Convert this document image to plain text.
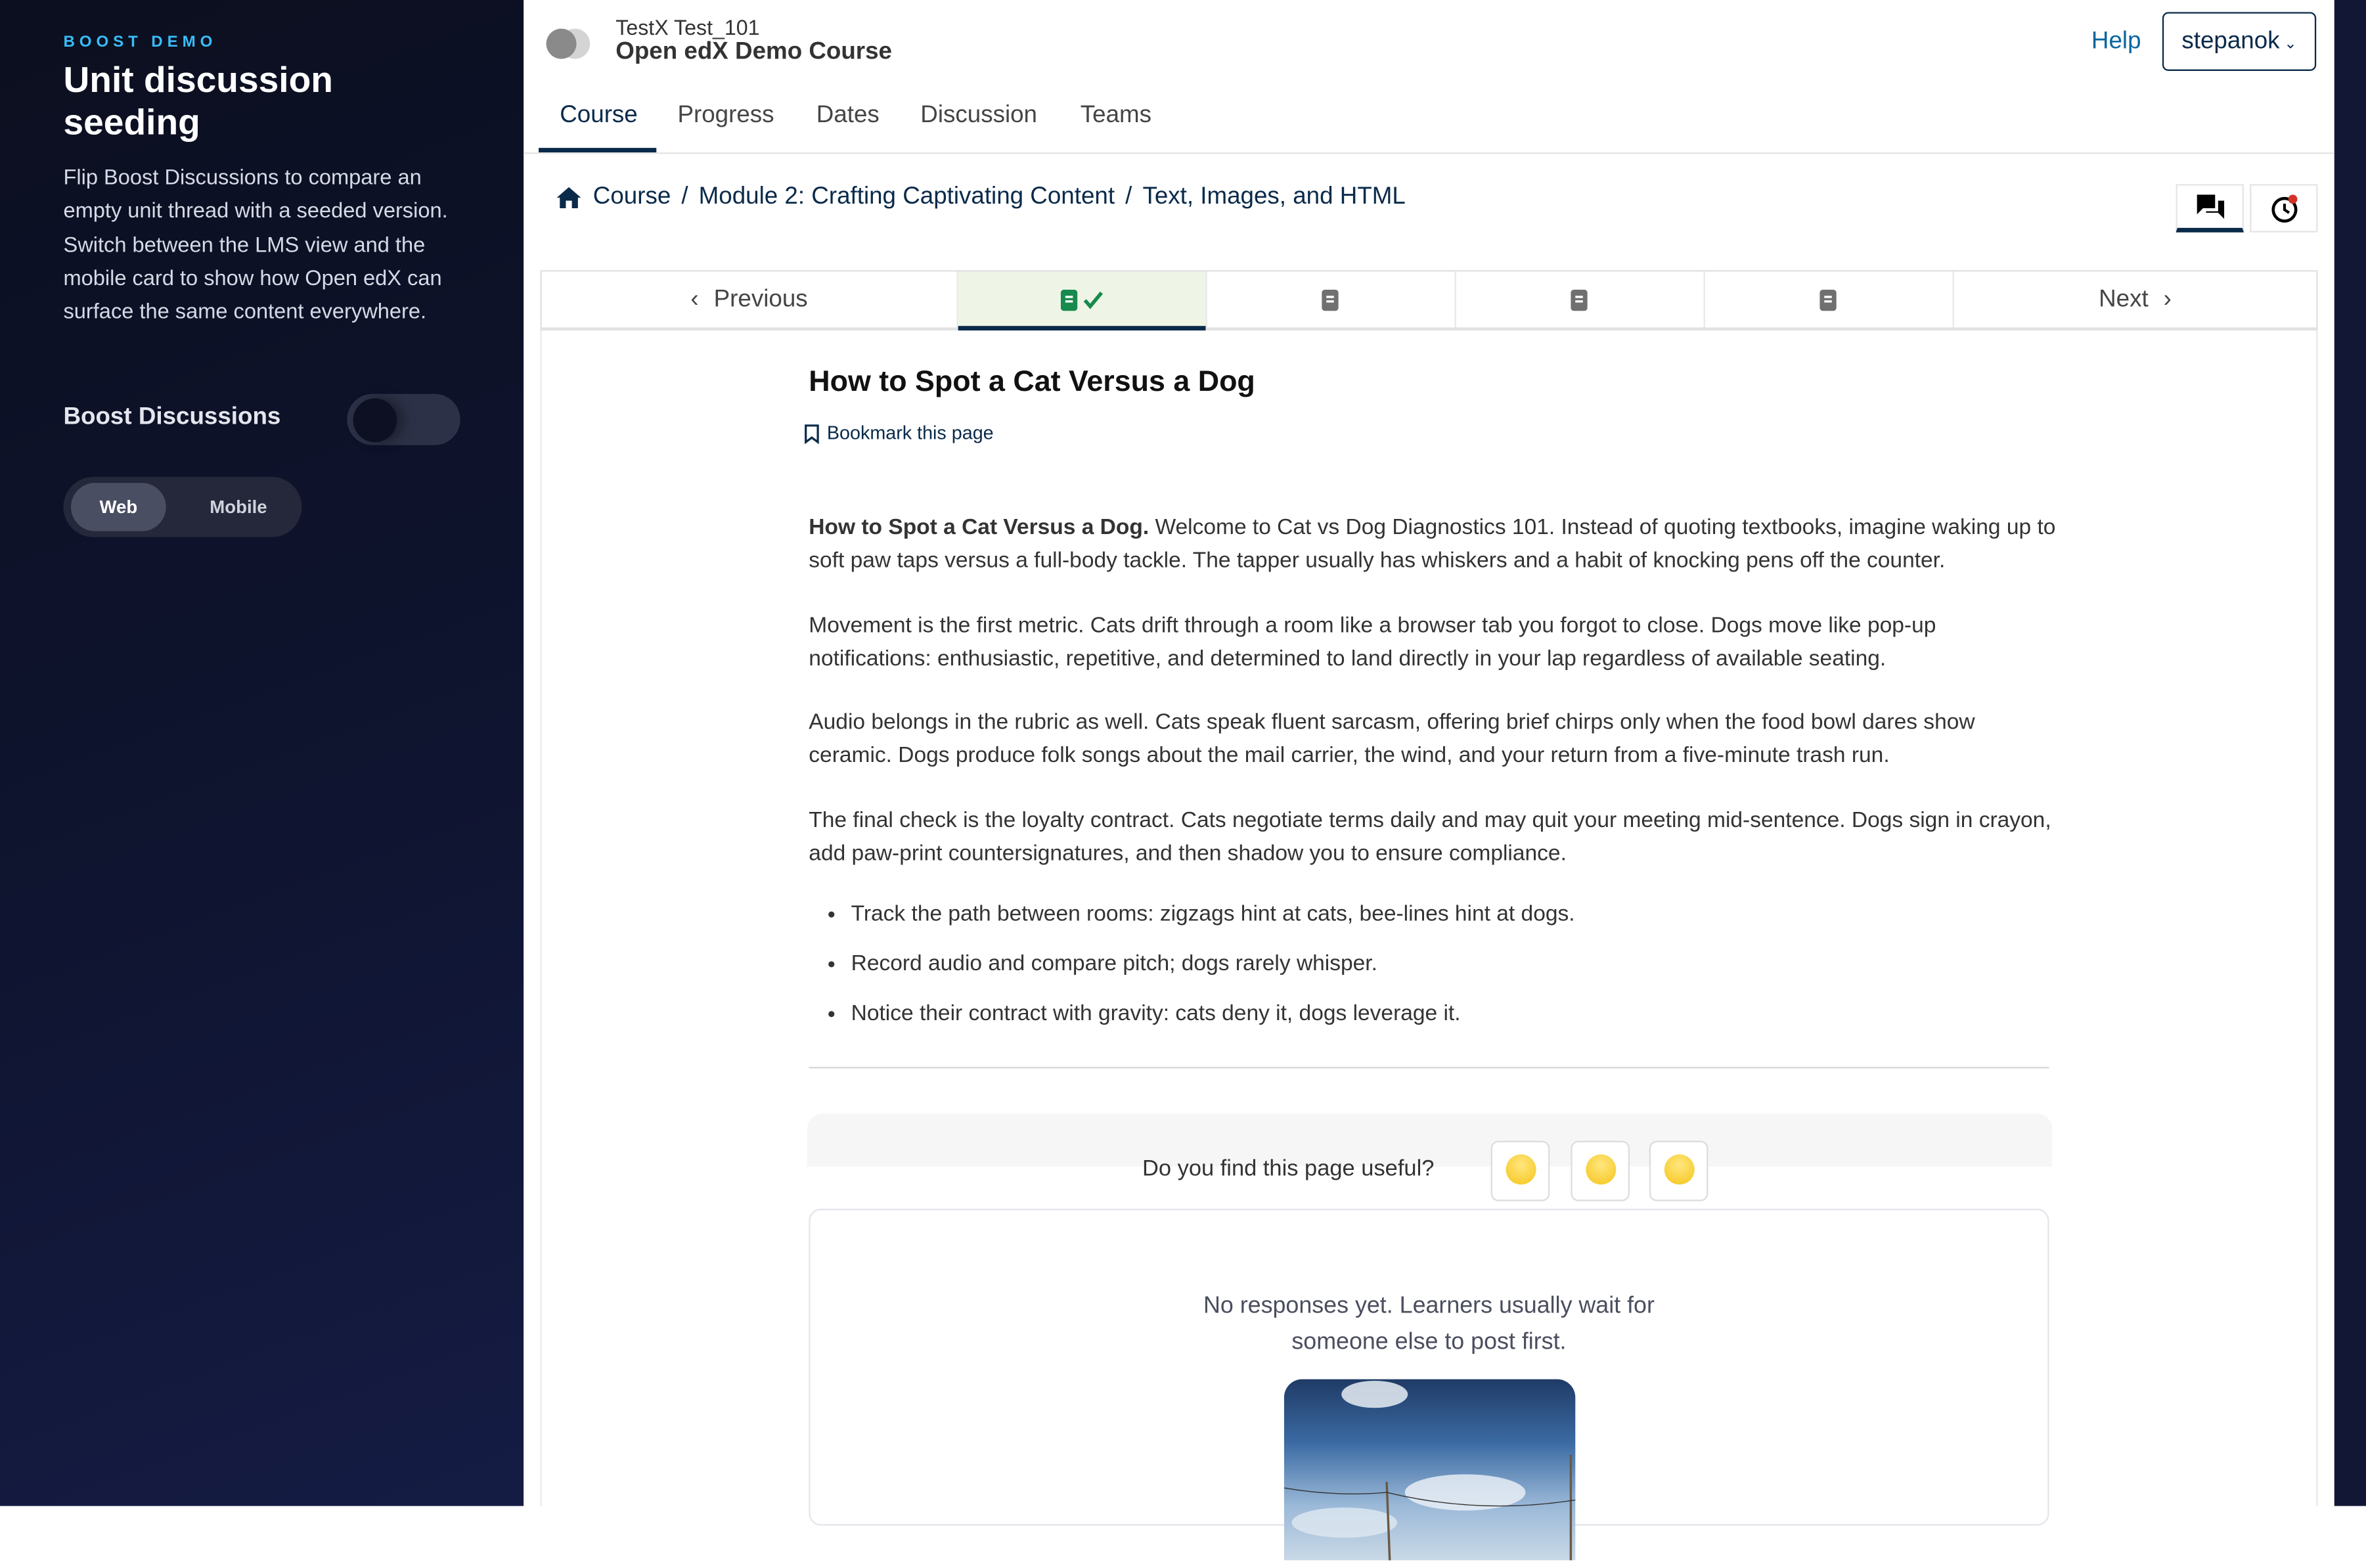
BOOST DEMO
Unit discussion seeding
Flip Boost Discussions to compare an empty unit thread with a seeded version. Switch between the LMS view and the mobile card to show how Open edX can surface the same content everywhere.
Boost Discussions
Web	Mobile
TestX Test_101
Open edX Demo Course	Help	stepanok ⌄
Course	Progress	Dates	Discussion	Teams
Course / Module 2: Crafting Captivating Content / Text, Images, and HTML
‹ Previous	Next ›
How to Spot a Cat Versus a Dog
Bookmark this page

How to Spot a Cat Versus a Dog. Welcome to Cat vs Dog Diagnostics 101. Instead of quoting textbooks, imagine waking up to soft paw taps versus a full-body tackle. The tapper usually has whiskers and a habit of knocking pens off the counter.

Movement is the first metric. Cats drift through a room like a browser tab you forgot to close. Dogs move like pop-up notifications: enthusiastic, repetitive, and determined to land directly in your lap regardless of available seating.

Audio belongs in the rubric as well. Cats speak fluent sarcasm, offering brief chirps only when the food bowl dares show ceramic. Dogs produce folk songs about the mail carrier, the wind, and your return from a five-minute trash run.

The final check is the loyalty contract. Cats negotiate terms daily and may quit your meeting mid-sentence. Dogs sign in crayon, add paw-print countersignatures, and then shadow you to ensure compliance.

• Track the path between rooms: zigzags hint at cats, bee-lines hint at dogs.
• Record audio and compare pitch; dogs rarely whisper.
• Notice their contract with gravity: cats deny it, dogs leverage it.
Do you find this page useful?
No responses yet. Learners usually wait for someone else to post first.
